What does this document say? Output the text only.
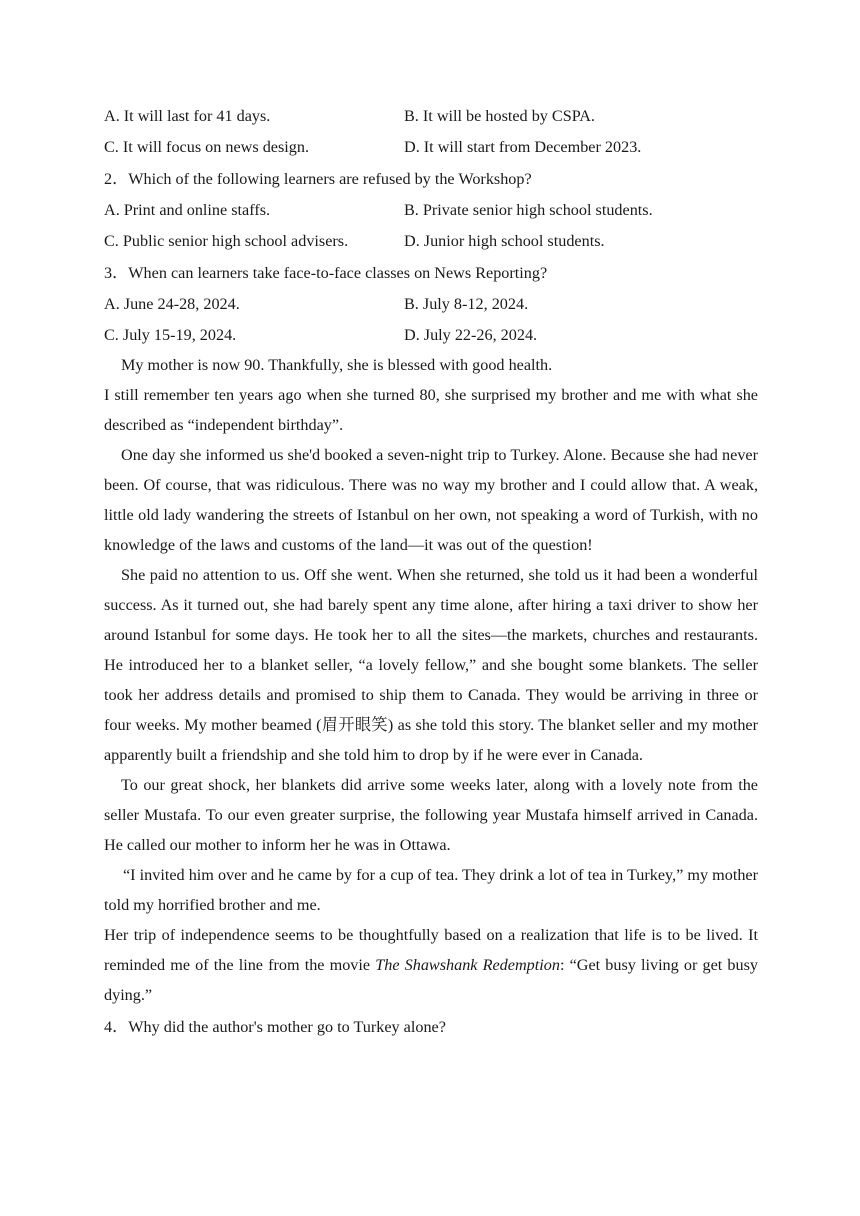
A. It will last for 41 days.	B. It will be hosted by CSPA.
C. It will focus on news design.	D. It will start from December 2023.
2．Which of the following learners are refused by the Workshop?
A. Print and online staffs.	B. Private senior high school students.
C. Public senior high school advisers.	D. Junior high school students.
3．When can learners take face-to-face classes on News Reporting?
A. June 24-28, 2024.	B. July 8-12, 2024.
C. July 15-19, 2024.	D. July 22-26, 2024.

My mother is now 90. Thankfully, she is blessed with good health.

I still remember ten years ago when she turned 80, she surprised my brother and me with what she described as “independent birthday”.

One day she informed us she'd booked a seven-night trip to Turkey. Alone. Because she had never been. Of course, that was ridiculous. There was no way my brother and I could allow that. A weak, little old lady wandering the streets of Istanbul on her own, not speaking a word of Turkish, with no knowledge of the laws and customs of the land—it was out of the question!

She paid no attention to us. Off she went. When she returned, she told us it had been a wonderful success. As it turned out, she had barely spent any time alone, after hiring a taxi driver to show her around Istanbul for some days. He took her to all the sites—the markets, churches and restaurants. He introduced her to a blanket seller, “a lovely fellow,” and she bought some blankets. The seller took her address details and promised to ship them to Canada. They would be arriving in three or four weeks. My mother beamed (眉开眼笑) as she told this story. The blanket seller and my mother apparently built a friendship and she told him to drop by if he were ever in Canada.

To our great shock, her blankets did arrive some weeks later, along with a lovely note from the seller Mustafa. To our even greater surprise, the following year Mustafa himself arrived in Canada. He called our mother to inform her he was in Ottawa.

“I invited him over and he came by for a cup of tea. They drink a lot of tea in Turkey,” my mother told my horrified brother and me.

Her trip of independence seems to be thoughtfully based on a realization that life is to be lived. It reminded me of the line from the movie The Shawshank Redemption: “Get busy living or get busy dying.”

4．Why did the author's mother go to Turkey alone?
